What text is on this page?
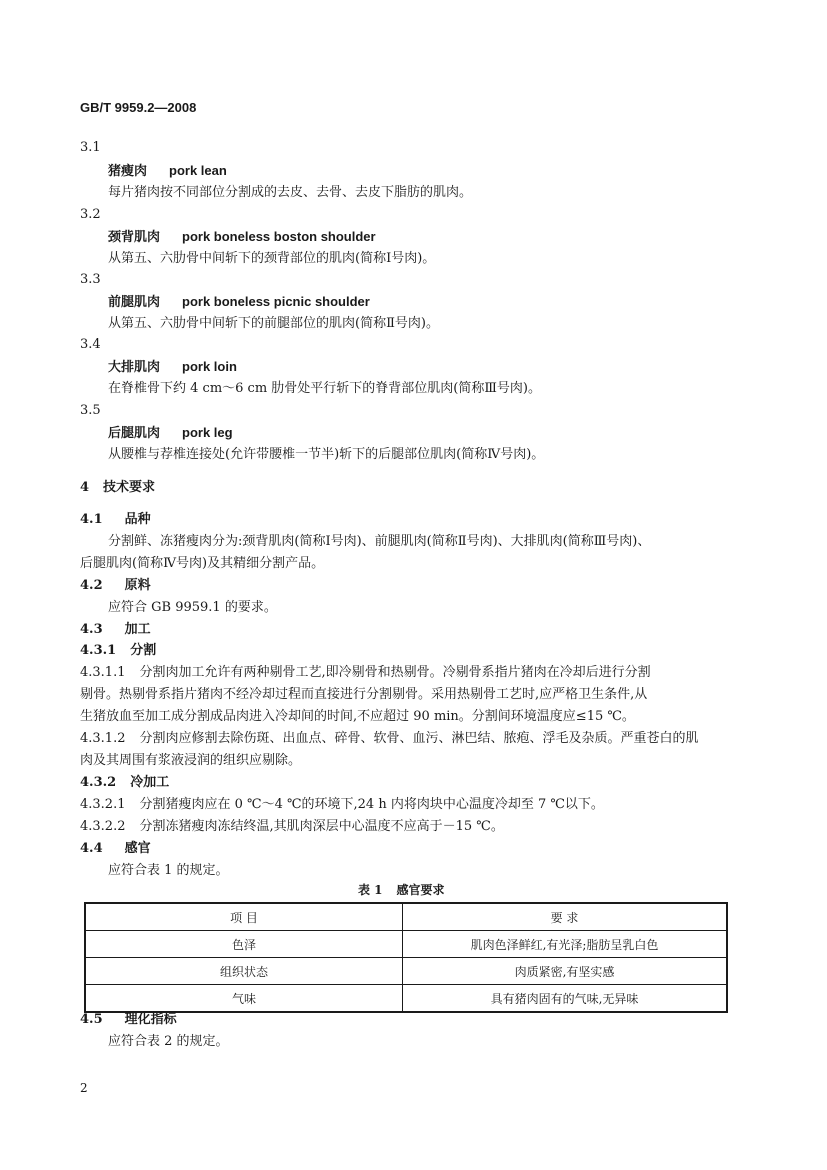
GB/T 9959.2—2008
3.1
猪瘦肉 pork lean
每片猪肉按不同部位分割成的去皮、去骨、去皮下脂肪的肌肉。
3.2
颈背肌肉 pork boneless boston shoulder
从第五、六肋骨中间斩下的颈背部位的肌肉(简称Ⅰ号肉)。
3.3
前腿肌肉 pork boneless picnic shoulder
从第五、六肋骨中间斩下的前腿部位的肌肉(简称Ⅱ号肉)。
3.4
大排肌肉 pork loin
在脊椎骨下约 4 cm～6 cm 肋骨处平行斩下的脊背部位肌肉(简称Ⅲ号肉)。
3.5
后腿肌肉 pork leg
从腰椎与荐椎连接处(允许带腰椎一节半)斩下的后腿部位肌肉(简称Ⅳ号肉)。
4 技术要求
4.1 品种
分割鲜、冻猪瘦肉分为:颈背肌肉(简称Ⅰ号肉)、前腿肌肉(简称Ⅱ号肉)、大排肌肉(简称Ⅲ号肉)、
后腿肌肉(简称Ⅳ号肉)及其精细分割产品。
4.2 原料
应符合 GB 9959.1 的要求。
4.3 加工
4.3.1 分割
4.3.1.1 分割肉加工允许有两种剔骨工艺,即冷剔骨和热剔骨。冷剔骨系指片猪肉在冷却后进行分割
剔骨。热剔骨系指片猪肉不经冷却过程而直接进行分割剔骨。采用热剔骨工艺时,应严格卫生条件,从
生猪放血至加工成分割成品肉进入冷却间的时间,不应超过 90 min。分割间环境温度应≤15 ℃。
4.3.1.2 分割肉应修割去除伤斑、出血点、碎骨、软骨、血污、淋巴结、脓疱、浮毛及杂质。严重苍白的肌
肉及其周围有浆液浸润的组织应剔除。
4.3.2 冷加工
4.3.2.1 分割猪瘦肉应在 0 ℃～4 ℃的环境下,24 h 内将肉块中心温度冷却至 7 ℃以下。
4.3.2.2 分割冻猪瘦肉冻结终温,其肌肉深层中心温度不应高于－15 ℃。
4.4 感官
应符合表 1 的规定。
表 1 感官要求
项 目	要 求
色泽	肌肉色泽鲜红,有光泽;脂肪呈乳白色
组织状态	肉质紧密,有坚实感
气味	具有猪肉固有的气味,无异味
4.5 理化指标
应符合表 2 的规定。
2
